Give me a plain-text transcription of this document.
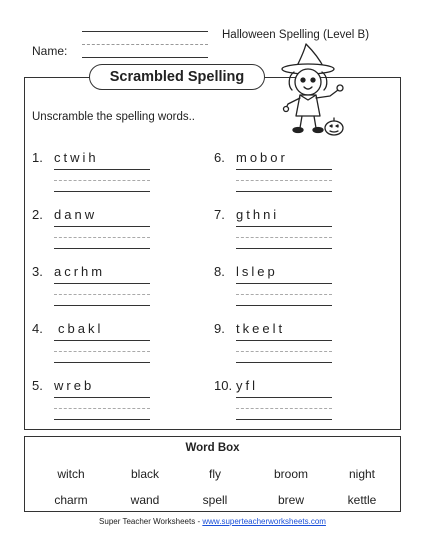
Name:
Halloween Spelling (Level B)
Scrambled Spelling
Unscramble the spelling words..
1. ctwih
2. danw
3. acrhm
4. cbakl
5. wreb
6. mobor
7. gthni
8. lslep
9. tkeelt
10. yfl
Word Box
witch	black	fly	broom	night
charm	wand	spell	brew	kettle
Super Teacher Worksheets - www.superteacherworksheets.com
